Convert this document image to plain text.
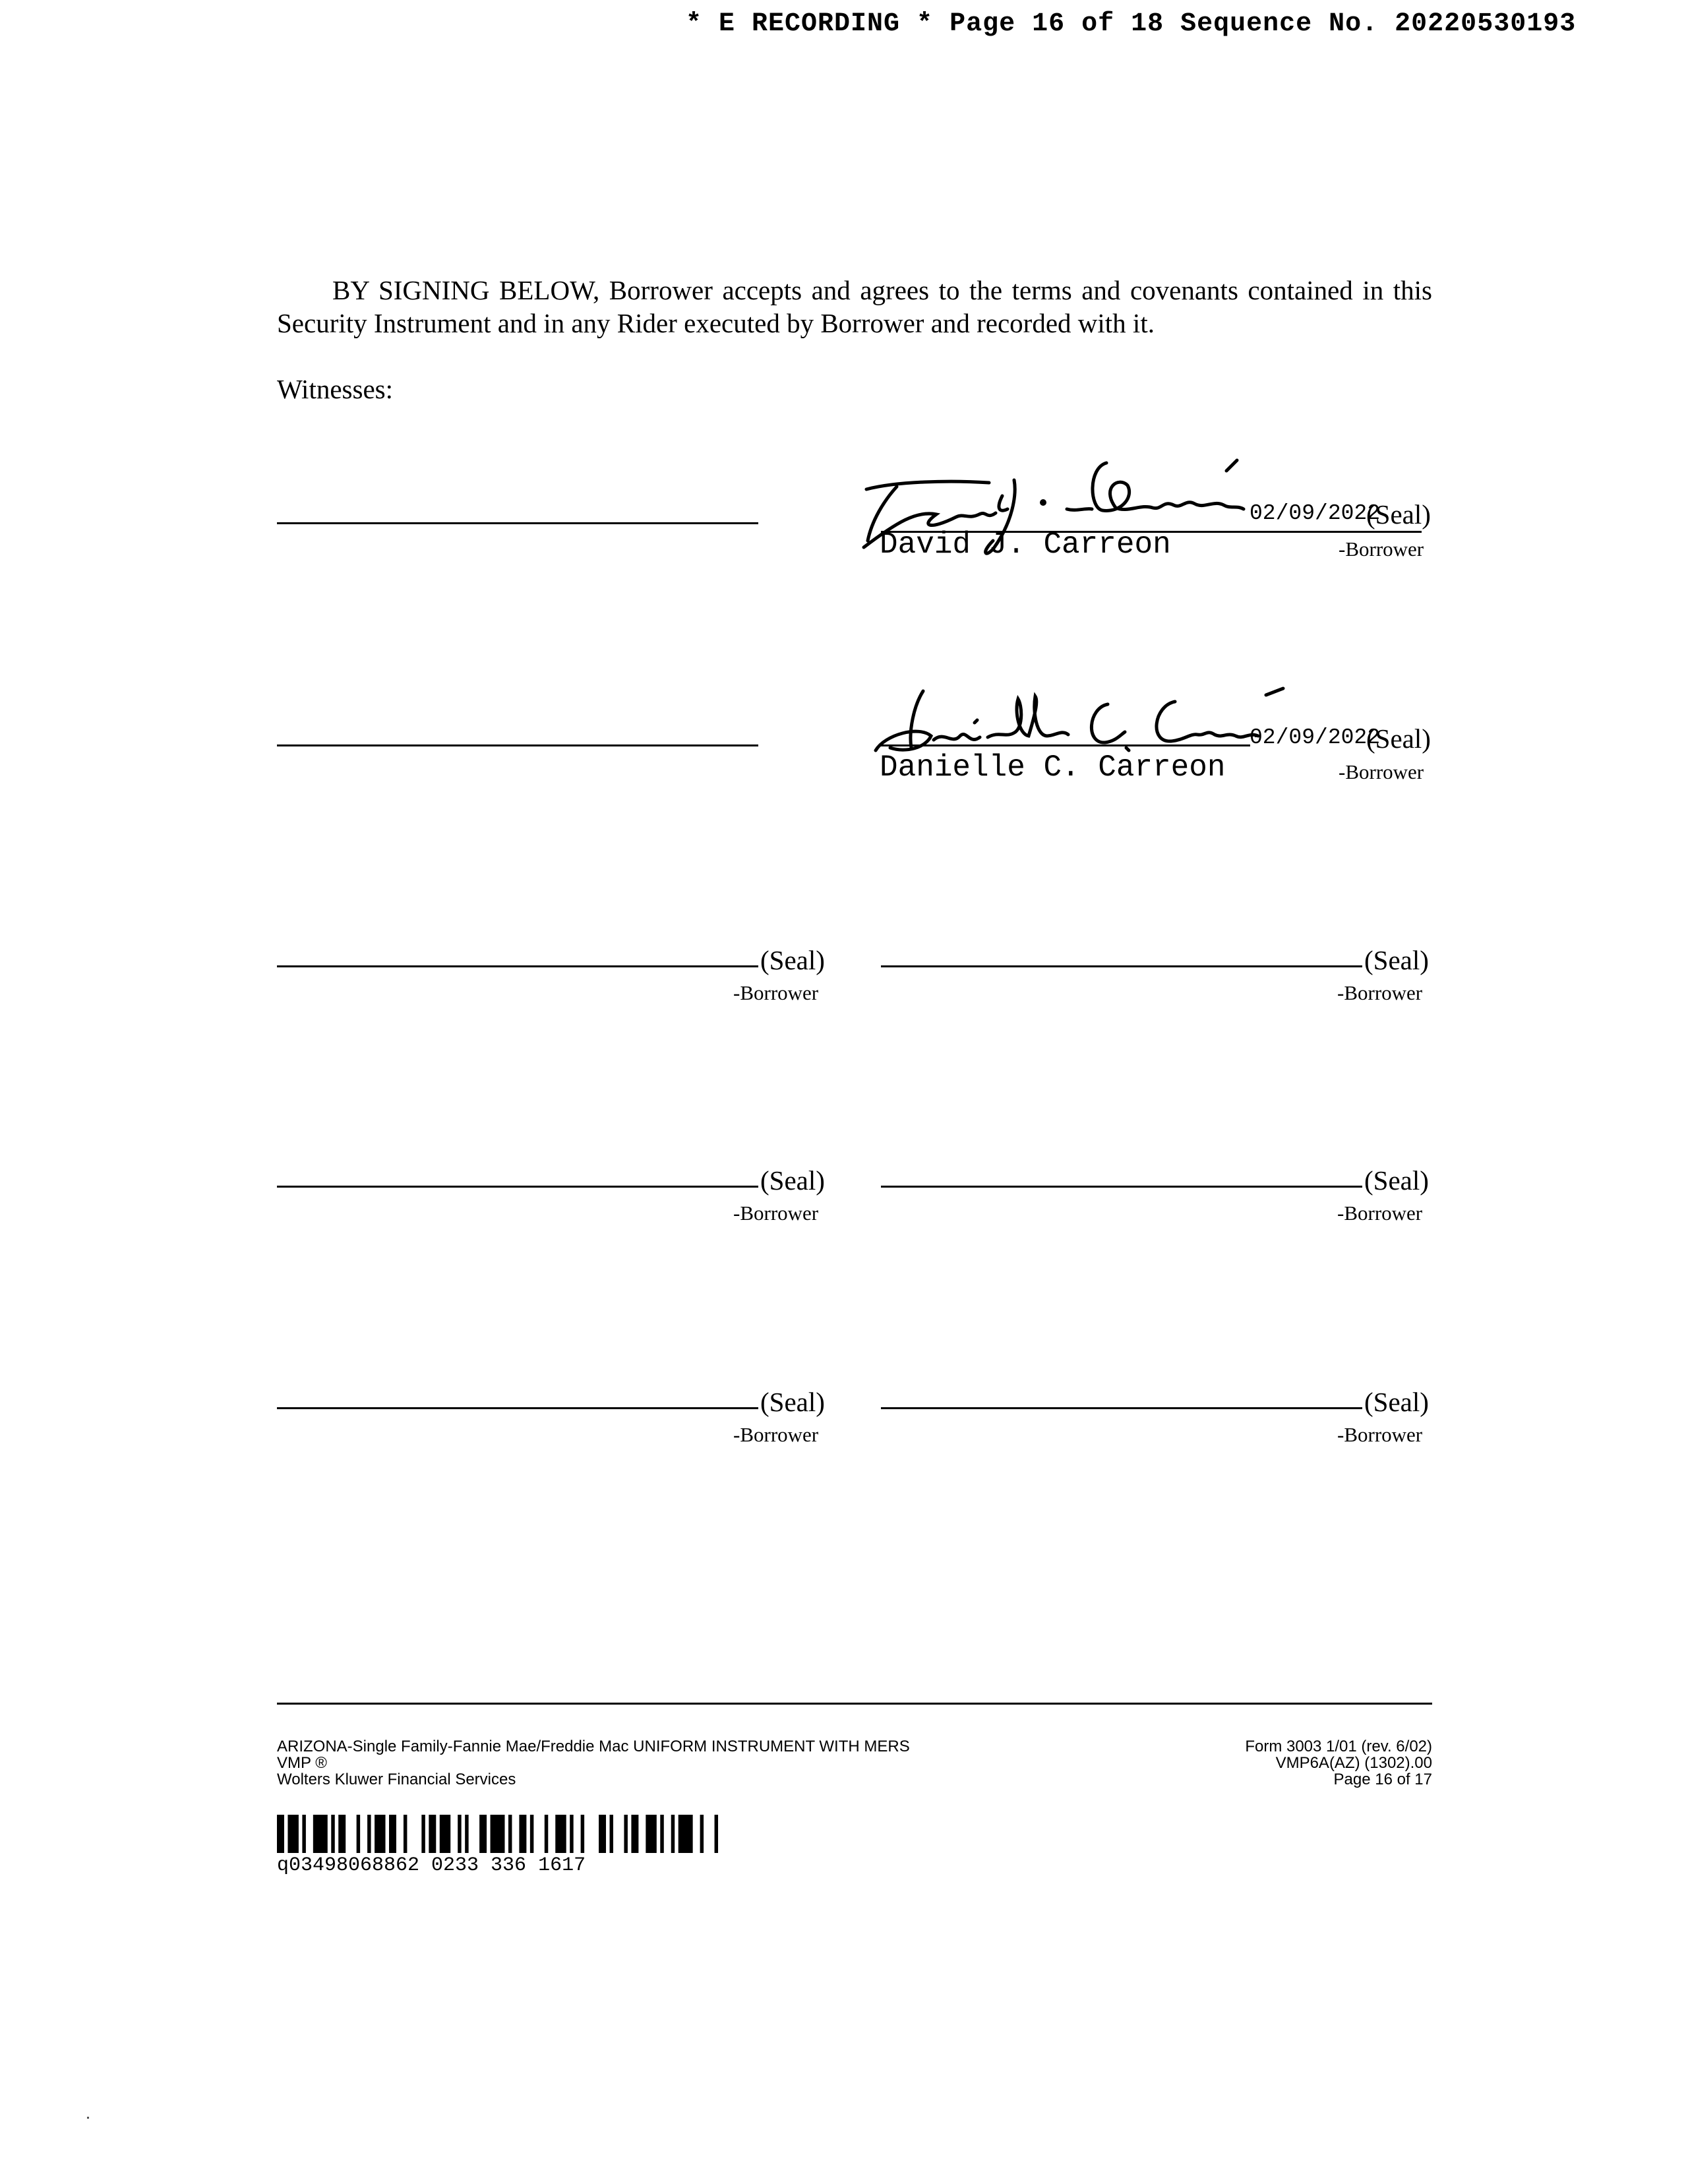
* E RECORDING * Page 16 of 18 Sequence No. 20220530193

BY SIGNING BELOW, Borrower accepts and agrees to the terms and covenants contained in this Security Instrument and in any Rider executed by Borrower and recorded with it.

Witnesses:
02/09/2022
(Seal)
David J. Carreon	-Borrower
02/09/2022
(Seal)
Danielle C. Carreon	-Borrower
(Seal)
-Borrower
(Seal)
-Borrower
(Seal)
-Borrower
(Seal)
-Borrower
(Seal)
-Borrower
(Seal)
-Borrower
ARIZONA-Single Family-Fannie Mae/Freddie Mac UNIFORM INSTRUMENT WITH MERS
VMP ®
Wolters Kluwer Financial Services
Form 3003 1/01 (rev. 6/02)
VMP6A(AZ) (1302).00
Page 16 of 17
q03498068862 0233 336 1617
